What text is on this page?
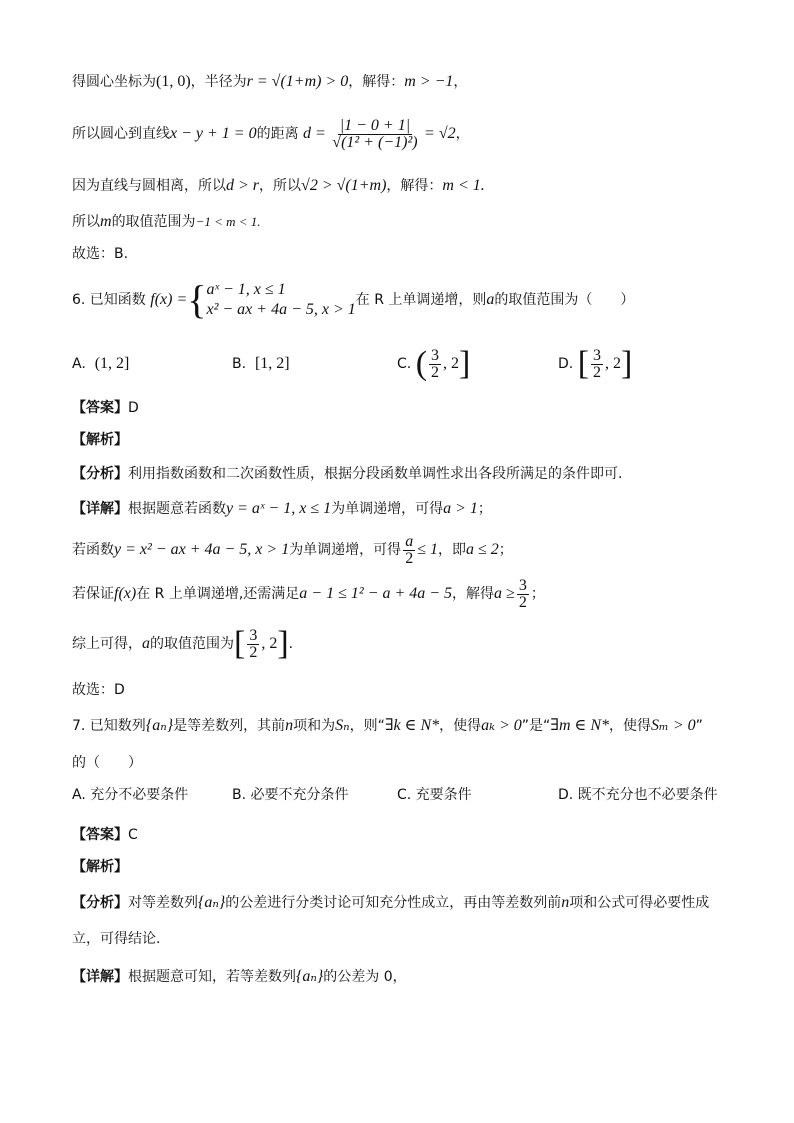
得圆心坐标为(1, 0)，半径为r = √(1+m) > 0，解得：m > −1，
所以圆心到直线x − y + 1 = 0的距离 $d = \frac{|1 - 0 + 1|}{\text{√(1² + (−1)²)}} = √2$，
因为直线与圆相离，所以d > r，所以√2 > √(1+m)，解得：m < 1.
所以m的取值范围为−1 < m < 1.
故选：B.
6. 已知函数 f(x) ={ aˣ − 1, x ≤ 1
x² − ax + 4a − 5, x > 1
在 R 上单调递增，则a的取值范围为（　　）
A. (1, 2]	B. [1, 2]	C. ( $\frac{3}{2}$ , 2]	D. [ $\frac{3}{2}$ , 2]
【答案】D
【解析】
【分析】利用指数函数和二次函数性质，根据分段函数单调性求出各段所满足的条件即可.
【详解】根据题意若函数y = aˣ − 1, x ≤ 1为单调递增，可得a > 1；
若函数y = x² − ax + 4a − 5, x > 1为单调递增，可得 $\frac{a}{2} \le 1$，即a ≤ 2；
若保证f(x)在 R 上单调递增,还需满足a − 1 ≤ 1² − a + 4a − 5，解得$a \ge \frac{3}{2}$ ；
综上可得，a的取值范围为[ $\frac{3}{2}$ , 2].
故选：D
7. 已知数列{aₙ}是等差数列，其前n项和为Sₙ，则“∃k ∈ N*，使得aₖ > 0”是“∃m ∈ N*，使得Sₘ > 0”
的（　　）
A. 充分不必要条件	B. 必要不充分条件	C. 充要条件	D. 既不充分也不必要条件
【答案】C
【解析】
【分析】对等差数列{aₙ}的公差进行分类讨论可知充分性成立，再由等差数列前n项和公式可得必要性成
立，可得结论.
【详解】根据题意可知，若等差数列{aₙ}的公差为 0，
